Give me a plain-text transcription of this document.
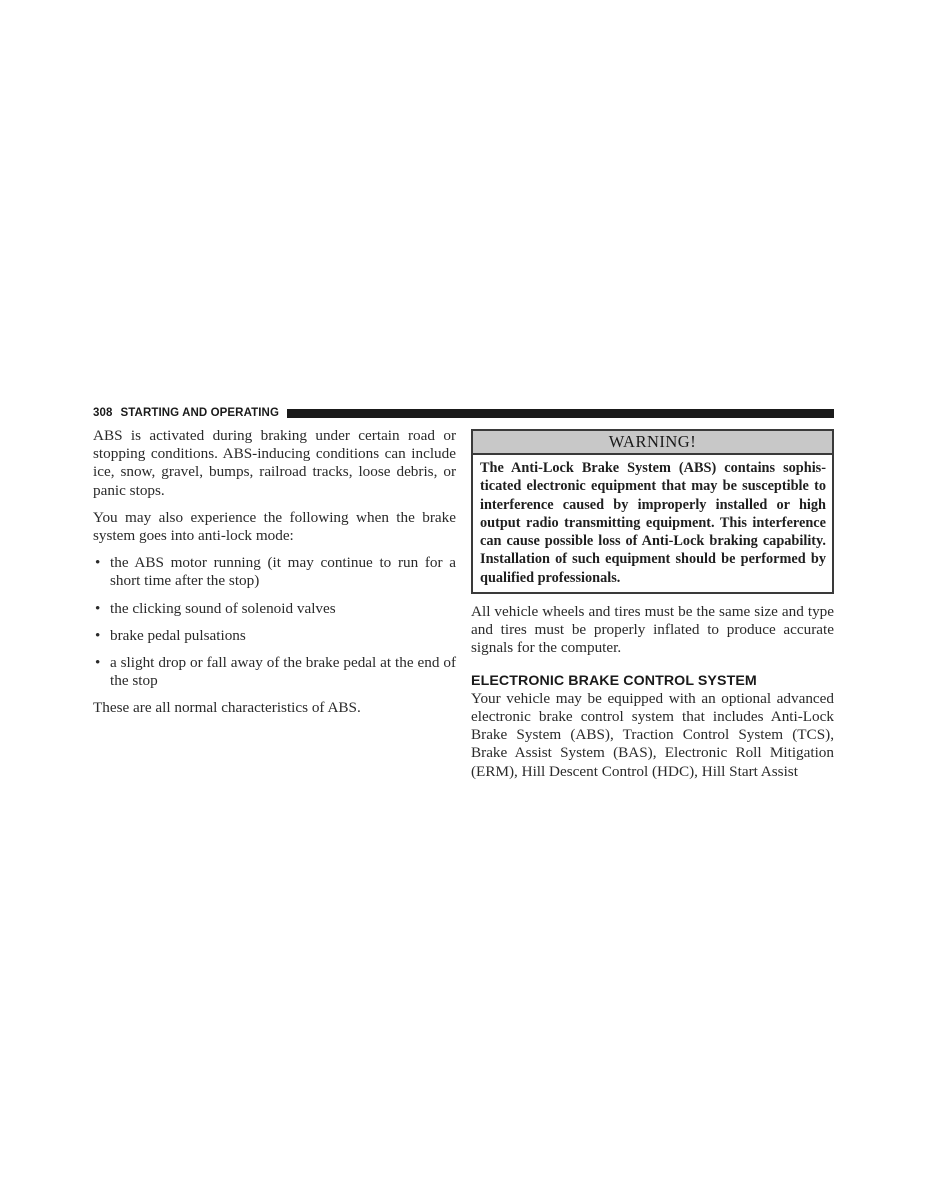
308 STARTING AND OPERATING

ABS is activated during braking under certain road or stopping conditions. ABS-inducing conditions can include ice, snow, gravel, bumps, railroad tracks, loose debris, or panic stops.

You may also experience the following when the brake system goes into anti-lock mode:

• the ABS motor running (it may continue to run for a short time after the stop)
• the clicking sound of solenoid valves
• brake pedal pulsations
• a slight drop or fall away of the brake pedal at the end of the stop

These are all normal characteristics of ABS.

WARNING!
The Anti-Lock Brake System (ABS) contains sophisticated electronic equipment that may be susceptible to interference caused by improperly installed or high output radio transmitting equipment. This interference can cause possible loss of Anti-Lock braking capability. Installation of such equipment should be performed by qualified professionals.

All vehicle wheels and tires must be the same size and type and tires must be properly inflated to produce accurate signals for the computer.

ELECTRONIC BRAKE CONTROL SYSTEM

Your vehicle may be equipped with an optional advanced electronic brake control system that includes Anti-Lock Brake System (ABS), Traction Control System (TCS), Brake Assist System (BAS), Electronic Roll Mitigation (ERM), Hill Descent Control (HDC), Hill Start Assist
